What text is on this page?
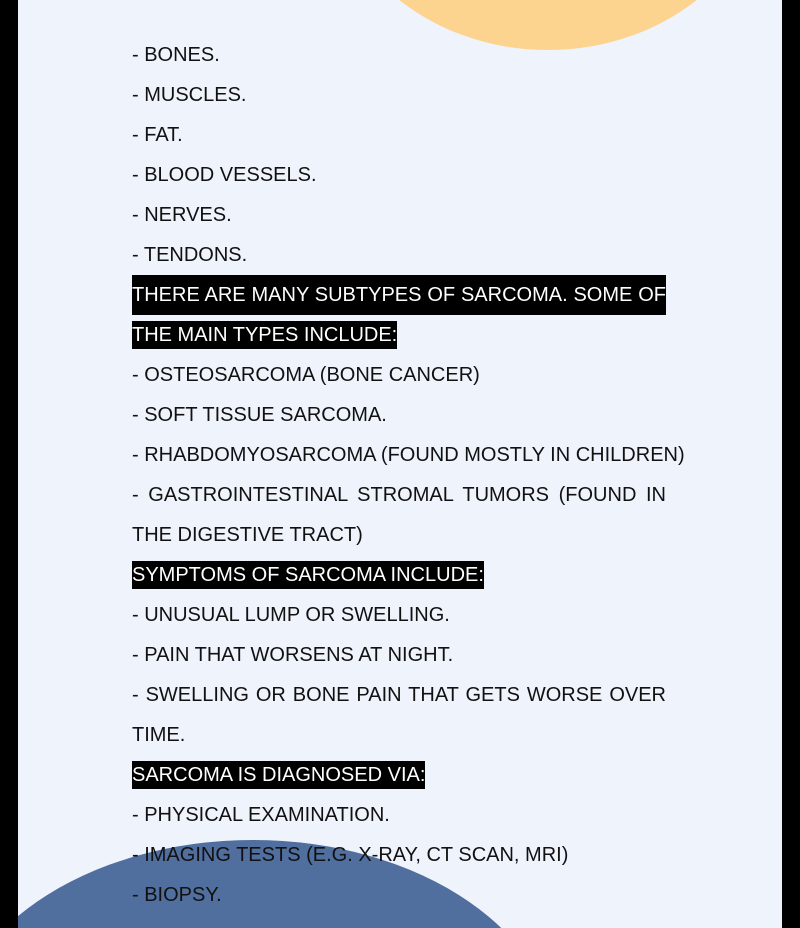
- BONES.
- MUSCLES.
- FAT.
- BLOOD VESSELS.
- NERVES.
- TENDONS.
THERE ARE MANY SUBTYPES OF SARCOMA. SOME OF
THE MAIN TYPES INCLUDE:
- OSTEOSARCOMA (BONE CANCER)
- SOFT TISSUE SARCOMA.
- RHABDOMYOSARCOMA (FOUND MOSTLY IN CHILDREN)
- GASTROINTESTINAL STROMAL TUMORS (FOUND IN
THE DIGESTIVE TRACT)
SYMPTOMS OF SARCOMA INCLUDE:
- UNUSUAL LUMP OR SWELLING.
- PAIN THAT WORSENS AT NIGHT.
- SWELLING OR BONE PAIN THAT GETS WORSE OVER
TIME.
SARCOMA IS DIAGNOSED VIA:
- PHYSICAL EXAMINATION.
- IMAGING TESTS (E.G. X-RAY, CT SCAN, MRI)
- BIOPSY.
